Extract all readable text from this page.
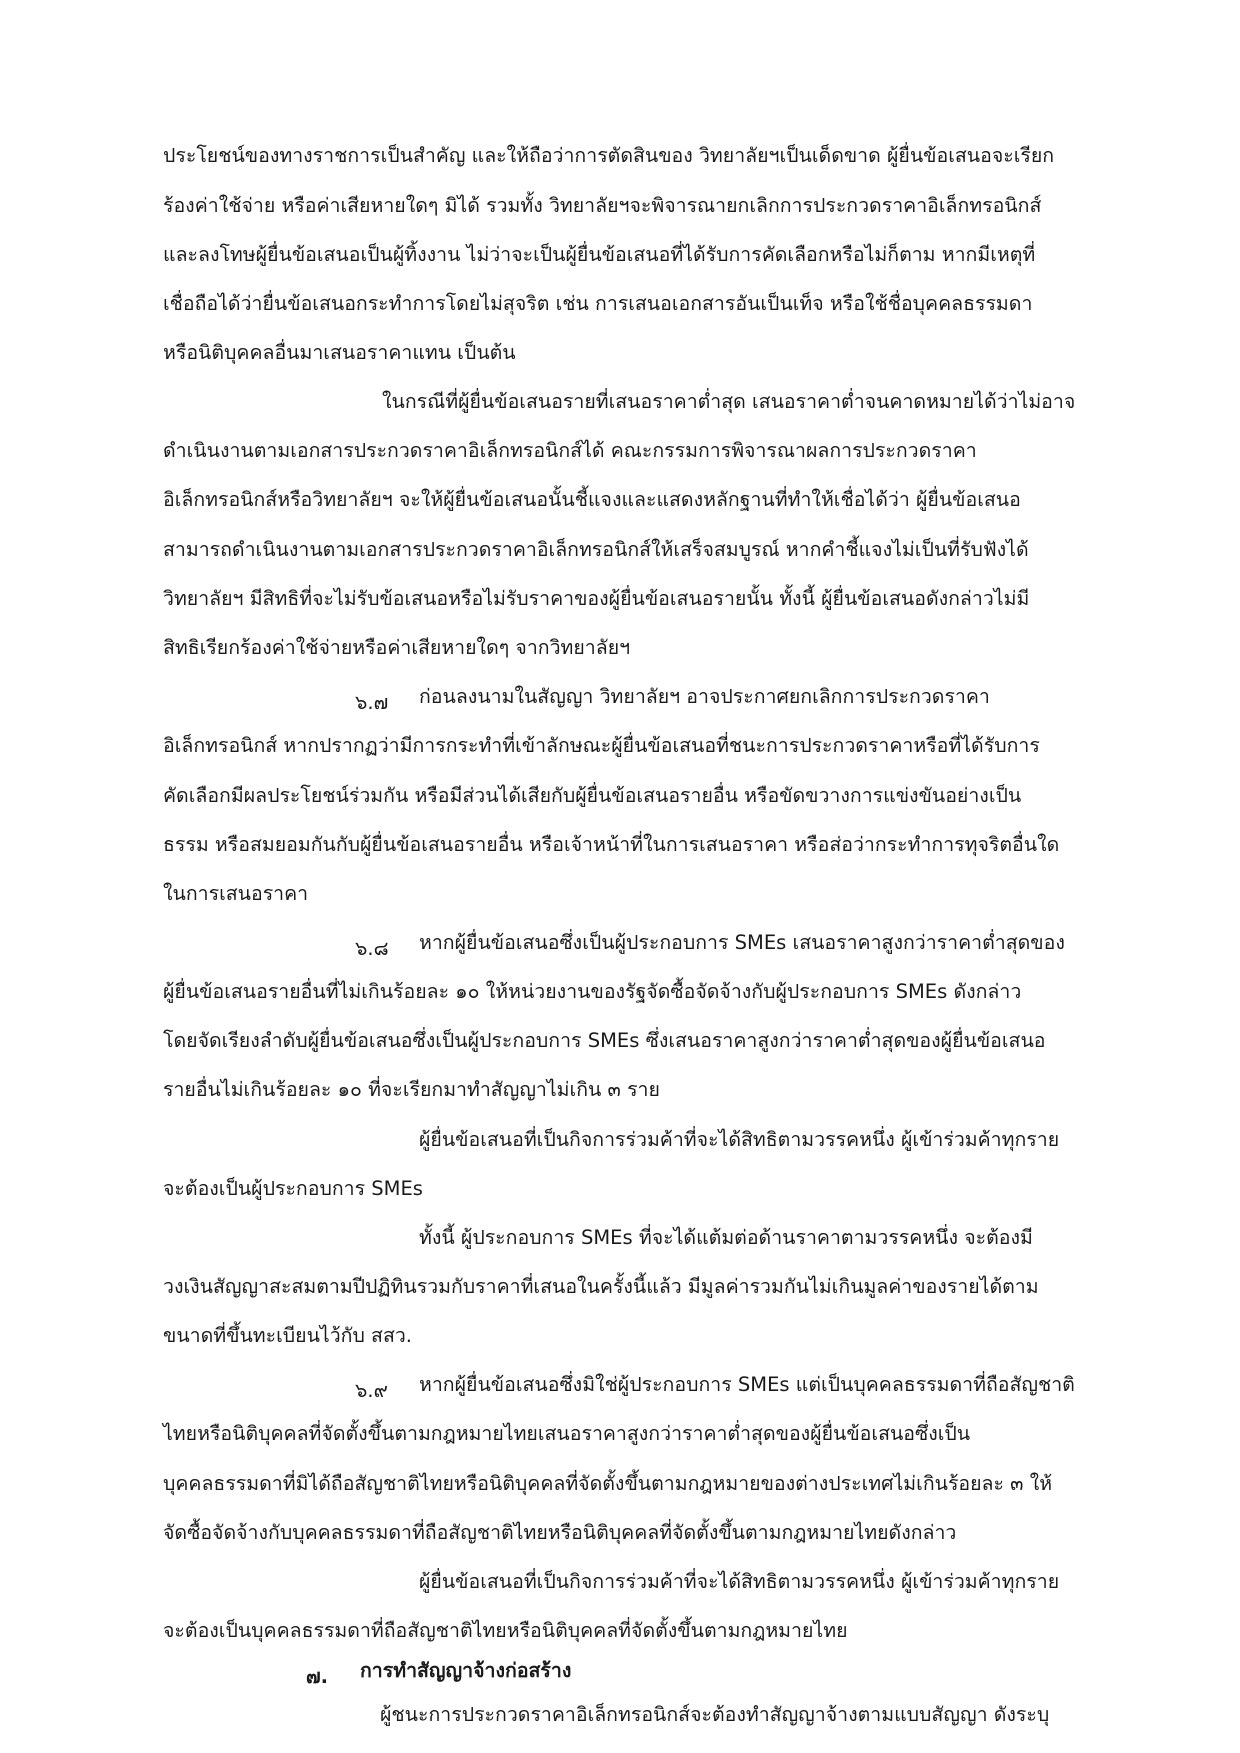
ประโยชน์ของทางราชการเป็นสำคัญ และให้ถือว่าการตัดสินของ วิทยาลัยฯเป็นเด็ดขาด ผู้ยื่นข้อเสนอจะเรียก
ร้องค่าใช้จ่าย หรือค่าเสียหายใดๆ มิได้ รวมทั้ง วิทยาลัยฯจะพิจารณายกเลิกการประกวดราคาอิเล็กทรอนิกส์
และลงโทษผู้ยื่นข้อเสนอเป็นผู้ทิ้งงาน ไม่ว่าจะเป็นผู้ยื่นข้อเสนอที่ได้รับการคัดเลือกหรือไม่ก็ตาม หากมีเหตุที่
เชื่อถือได้ว่ายื่นข้อเสนอกระทำการโดยไม่สุจริต เช่น การเสนอเอกสารอันเป็นเท็จ หรือใช้ชื่อบุคคลธรรมดา
หรือนิติบุคคลอื่นมาเสนอราคาแทน เป็นต้น
ในกรณีที่ผู้ยื่นข้อเสนอรายที่เสนอราคาต่ำสุด เสนอราคาต่ำจนคาดหมายได้ว่าไม่อาจ
ดำเนินงานตามเอกสารประกวดราคาอิเล็กทรอนิกส์ได้ คณะกรรมการพิจารณาผลการประกวดราคา
อิเล็กทรอนิกส์หรือวิทยาลัยฯ จะให้ผู้ยื่นข้อเสนอนั้นชี้แจงและแสดงหลักฐานที่ทำให้เชื่อได้ว่า ผู้ยื่นข้อเสนอ
สามารถดำเนินงานตามเอกสารประกวดราคาอิเล็กทรอนิกส์ให้เสร็จสมบูรณ์ หากคำชี้แจงไม่เป็นที่รับฟังได้
วิทยาลัยฯ มีสิทธิที่จะไม่รับข้อเสนอหรือไม่รับราคาของผู้ยื่นข้อเสนอรายนั้น ทั้งนี้ ผู้ยื่นข้อเสนอดังกล่าวไม่มี
สิทธิเรียกร้องค่าใช้จ่ายหรือค่าเสียหายใดๆ จากวิทยาลัยฯ
๖.๗ ก่อนลงนามในสัญญา วิทยาลัยฯ อาจประกาศยกเลิกการประกวดราคา
อิเล็กทรอนิกส์ หากปรากฏว่ามีการกระทำที่เข้าลักษณะผู้ยื่นข้อเสนอที่ชนะการประกวดราคาหรือที่ได้รับการ
คัดเลือกมีผลประโยชน์ร่วมกัน หรือมีส่วนได้เสียกับผู้ยื่นข้อเสนอรายอื่น หรือขัดขวางการแข่งขันอย่างเป็น
ธรรม หรือสมยอมกันกับผู้ยื่นข้อเสนอรายอื่น หรือเจ้าหน้าที่ในการเสนอราคา หรือส่อว่ากระทำการทุจริตอื่นใด
ในการเสนอราคา
๖.๘ หากผู้ยื่นข้อเสนอซึ่งเป็นผู้ประกอบการ SMEs เสนอราคาสูงกว่าราคาต่ำสุดของ
ผู้ยื่นข้อเสนอรายอื่นที่ไม่เกินร้อยละ ๑๐ ให้หน่วยงานของรัฐจัดซื้อจัดจ้างกับผู้ประกอบการ SMEs ดังกล่าว
โดยจัดเรียงลำดับผู้ยื่นข้อเสนอซึ่งเป็นผู้ประกอบการ SMEs ซึ่งเสนอราคาสูงกว่าราคาต่ำสุดของผู้ยื่นข้อเสนอ
รายอื่นไม่เกินร้อยละ ๑๐ ที่จะเรียกมาทำสัญญาไม่เกิน ๓ ราย
ผู้ยื่นข้อเสนอที่เป็นกิจการร่วมค้าที่จะได้สิทธิตามวรรคหนึ่ง ผู้เข้าร่วมค้าทุกราย
จะต้องเป็นผู้ประกอบการ SMEs
ทั้งนี้ ผู้ประกอบการ SMEs ที่จะได้แต้มต่อด้านราคาตามวรรคหนึ่ง จะต้องมี
วงเงินสัญญาสะสมตามปีปฏิทินรวมกับราคาที่เสนอในครั้งนี้แล้ว มีมูลค่ารวมกันไม่เกินมูลค่าของรายได้ตาม
ขนาดที่ขึ้นทะเบียนไว้กับ สสว.
๖.๙ หากผู้ยื่นข้อเสนอซึ่งมิใช่ผู้ประกอบการ SMEs แต่เป็นบุคคลธรรมดาที่ถือสัญชาติ
ไทยหรือนิติบุคคลที่จัดตั้งขึ้นตามกฎหมายไทยเสนอราคาสูงกว่าราคาต่ำสุดของผู้ยื่นข้อเสนอซึ่งเป็น
บุคคลธรรมดาที่มิได้ถือสัญชาติไทยหรือนิติบุคคลที่จัดตั้งขึ้นตามกฎหมายของต่างประเทศไม่เกินร้อยละ ๓ ให้
จัดซื้อจัดจ้างกับบุคคลธรรมดาที่ถือสัญชาติไทยหรือนิติบุคคลที่จัดตั้งขึ้นตามกฎหมายไทยดังกล่าว
ผู้ยื่นข้อเสนอที่เป็นกิจการร่วมค้าที่จะได้สิทธิตามวรรคหนึ่ง ผู้เข้าร่วมค้าทุกราย
จะต้องเป็นบุคคลธรรมดาที่ถือสัญชาติไทยหรือนิติบุคคลที่จัดตั้งขึ้นตามกฎหมายไทย
๗. การทำสัญญาจ้างก่อสร้าง
ผู้ชนะการประกวดราคาอิเล็กทรอนิกส์จะต้องทำสัญญาจ้างตามแบบสัญญา ดังระบุ
